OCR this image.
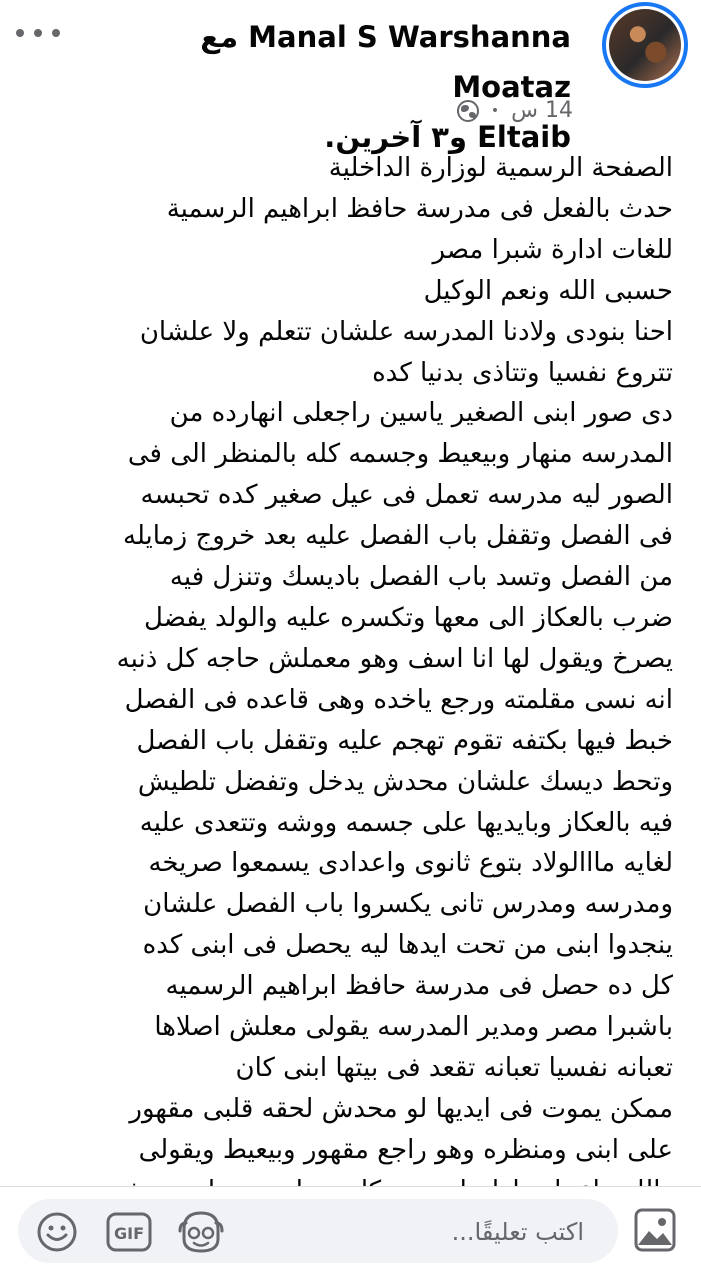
Manal S Warshanna مع Moataz
Eltaib و٣ آخرين.
14 س
•
الصفحة الرسمية لوزارة الداخلية
حدث بالفعل فى مدرسة حافظ ابراهيم الرسمية
للغات ادارة شبرا مصر
حسبى الله ونعم الوكيل
احنا بنودى ولادنا المدرسه علشان تتعلم ولا علشان
تتروع نفسيا وتتاذى بدنيا كده
دى صور ابنى الصغير ياسين راجعلى انهارده من
المدرسه منهار وبيعيط وجسمه كله بالمنظر الى فى
الصور ليه مدرسه تعمل فى عيل صغير كده تحبسه
فى الفصل وتقفل باب الفصل عليه بعد خروج زمايله
من الفصل وتسد باب الفصل باديسك وتنزل فيه
ضرب بالعكاز الى معها وتكسره عليه والولد يفضل
يصرخ ويقول لها انا اسف وهو معملش حاجه كل ذنبه
انه نسى مقلمته ورجع ياخده وهى قاعده فى الفصل
خبط فيها بكتفه تقوم تهجم عليه وتقفل باب الفصل
وتحط ديسك علشان محدش يدخل وتفضل تلطيش
فيه بالعكاز وبايديها على جسمه ووشه وتتعدى عليه
لغايه مااالولاد بتوع ثانوى واعدادى يسمعوا صريخه
ومدرسه ومدرس تانى يكسروا باب الفصل علشان
ينجدوا ابنى من تحت ايدها ليه يحصل فى ابنى كده
كل ده حصل فى مدرسة حافظ ابراهيم الرسميه
باشبرا مصر ومدير المدرسه يقولى معلش اصلاها
تعبانه نفسيا تعبانه تقعد فى بيتها ابنى كان
ممكن يموت فى ايديها لو محدش لحقه قلبى مقهور
على ابنى ومنظره وهو راجع مقهور وبيعيط ويقولى
اكتب تعليقًا...
GIF
